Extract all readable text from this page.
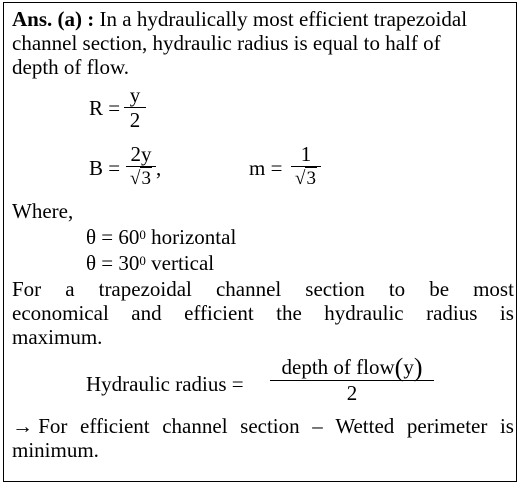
Ans. (a) : In a hydraulically most efficient trapezoidal
channel section, hydraulic radius is equal to half of
depth of flow.
R =
y
2
B =
2y
√3 ,	m =
1
√3
Where,
$\theta = 60^0$ horizontal
$\theta = 30^0$ vertical
For a trapezoidal channel section to be most
economical and efficient the hydraulic radius is
maximum.
Hydraulic radius =
depth of flow(y)
2
→ For efficient channel section – Wetted perimeter is
minimum.
